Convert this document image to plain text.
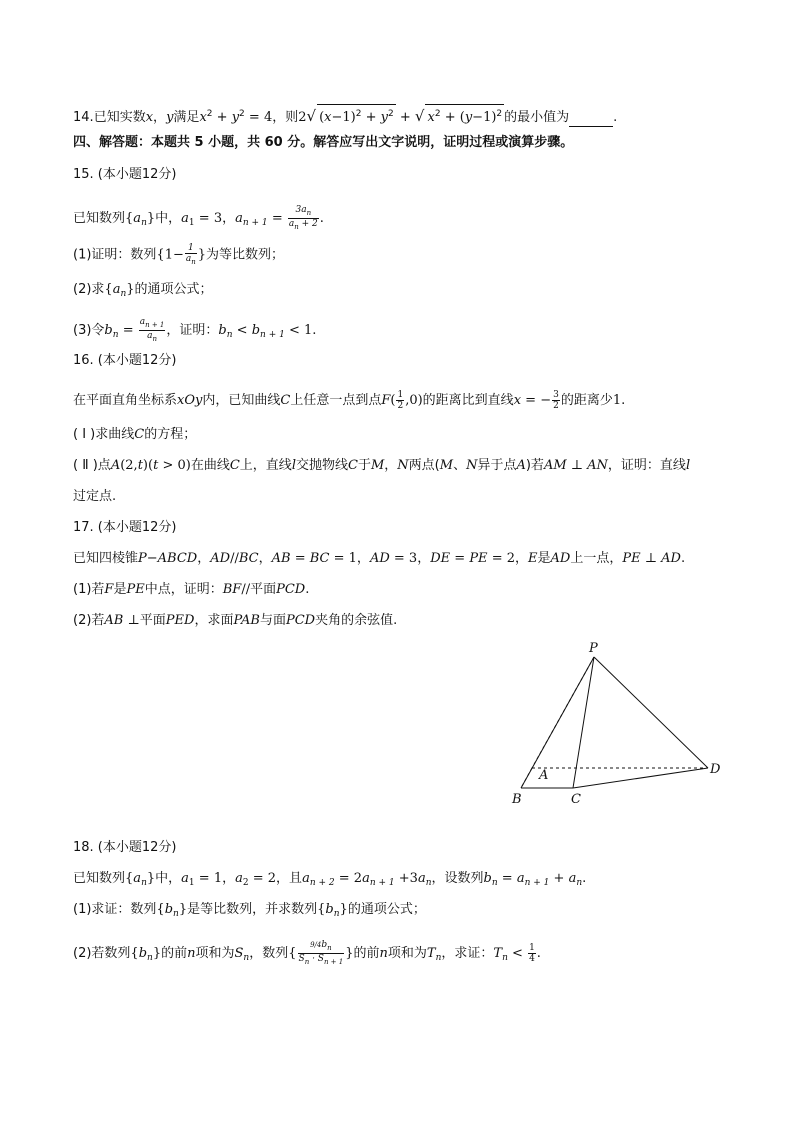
14.已知实数x，y满足$x^2 + y^2 = 4$，则2√ $(x-1)^2 + y^2$ + √ $x^2 + (y-1)^2$ 的最小值为	.
四、解答题：本题共 5 小题，共 60 分。解答应写出文字说明，证明过程或演算步骤。
15. (本小题12分)
已知数列$\{a_n\}$中，$a_1 = 3$，$a_{n + 1} = \frac{3a_n}{a_n + 2}$ .
(1)证明：数列{$1- \frac{1}{a_n}$ }为等比数列；
(2)求$\{a_n\}$的通项公式；
(3)令$b_n = \frac{a_{n + 1}}{a_n}$ ，证明：$b_n < b_{n + 1} < 1$.
16. (本小题12分)
在平面直角坐标系xOy内，已知曲线C上任意一点到点$F( \frac{1}{2} ,0)$的距离比到直线x = − $\frac{3}{2}$ 的距离少1.
( Ⅰ )求曲线C的方程；
( Ⅱ )点A(2,t)(t > 0)在曲线C上，直线l交抛物线C于M，N两点(M、N异于点A)若AM ⊥ AN，证明：直线l
过定点.
17. (本小题12分)
已知四棱锥P−ABCD，AD//BC，AB = BC = 1，AD = 3，DE = PE = 2，E是AD上一点，PE ⊥ AD.
(1)若F是PE中点，证明：BF//平面PCD.
(2)若AB ⊥平面PED，求面PAB与面PCD夹角的余弦值.
P
A
B	C
D
18. (本小题12分)
已知数列$\{a_n\}$中，$a_1 = 1$，$a_2 = 2$，且$a_{n + 2} = 2a_{n + 1} +3a_n$，设数列$b_n = a_{n + 1} + a_n$.
(1)求证：数列$\{b_n\}$是等比数列，并求数列$\{b_n\}$的通项公式；
(2)若数列$\{b_n\}$的前n项和为$S_n$，数列{ $\frac{9/4b_n}{S_n \cdot S_{n + 1}}$ }的前n项和为$T_n$，求证：$T_n < \frac{1}{4}$ .
